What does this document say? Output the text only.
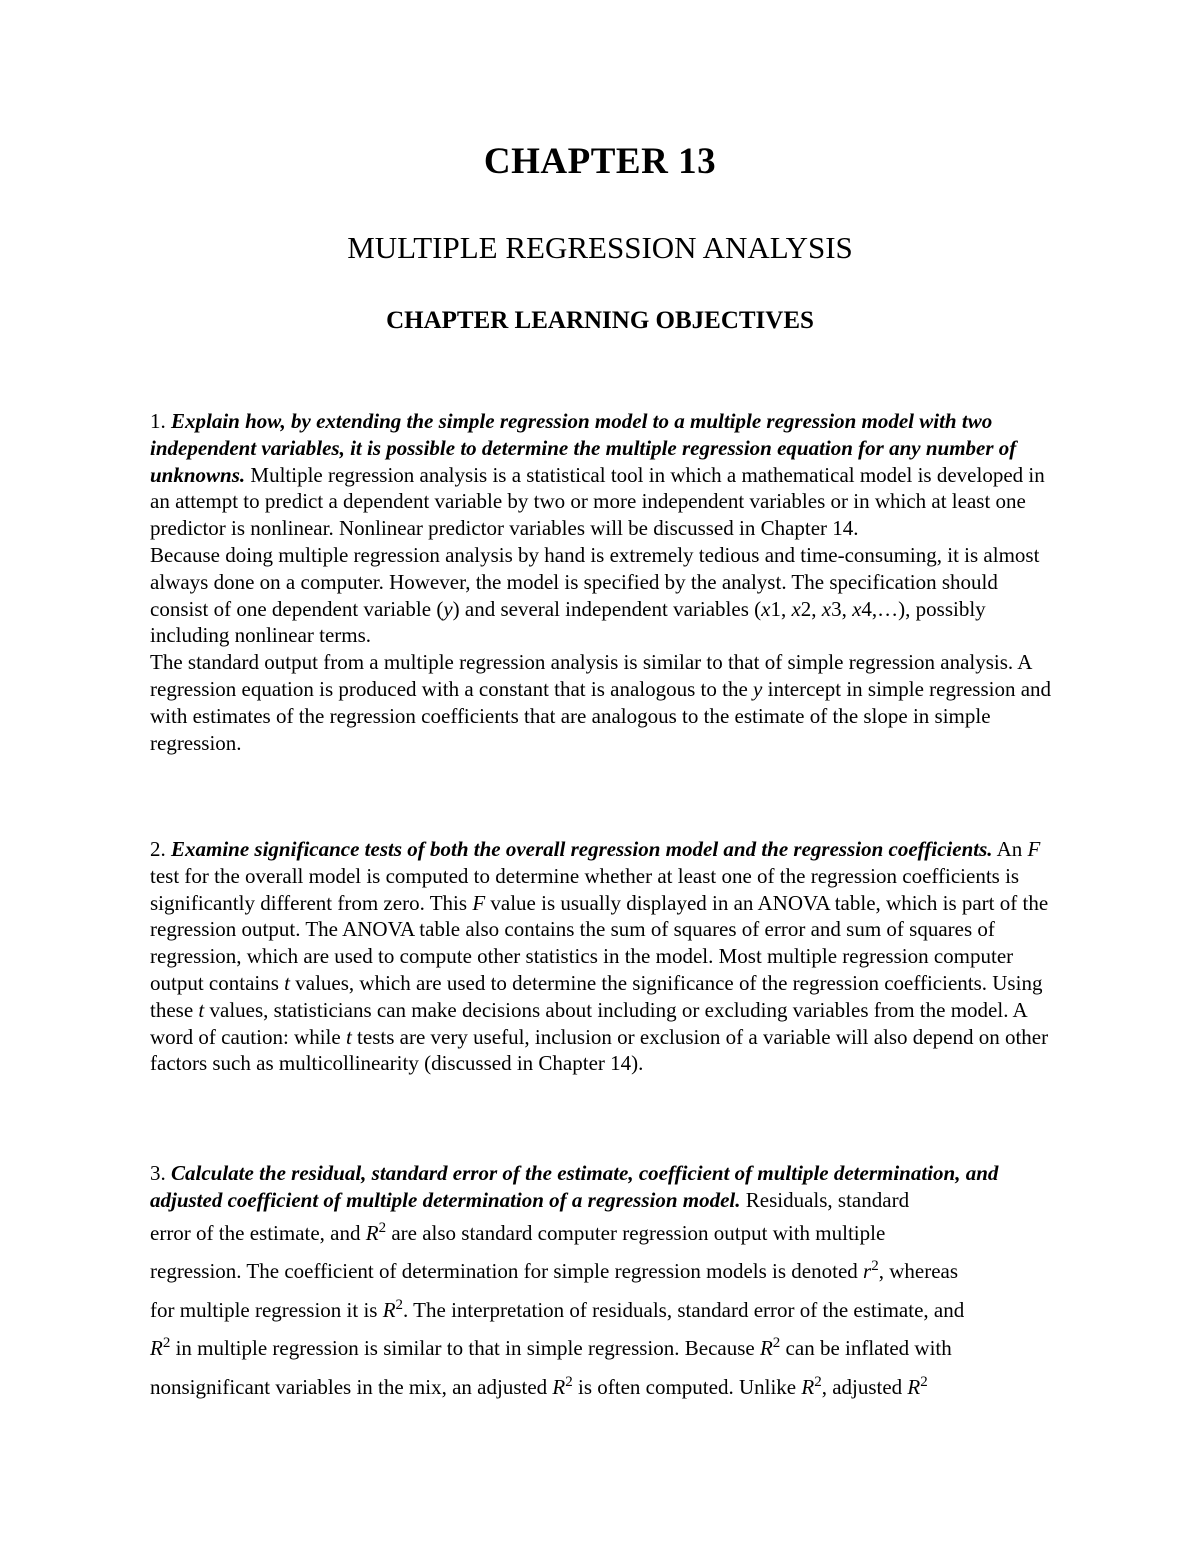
CHAPTER 13
MULTIPLE REGRESSION ANALYSIS
CHAPTER LEARNING OBJECTIVES
1. Explain how, by extending the simple regression model to a multiple regression model with two independent variables, it is possible to determine the multiple regression equation for any number of unknowns. Multiple regression analysis is a statistical tool in which a mathematical model is developed in an attempt to predict a dependent variable by two or more independent variables or in which at least one predictor is nonlinear. Nonlinear predictor variables will be discussed in Chapter 14.
Because doing multiple regression analysis by hand is extremely tedious and time-consuming, it is almost always done on a computer. However, the model is specified by the analyst. The specification should consist of one dependent variable (y) and several independent variables (x1, x2, x3, x4,…), possibly including nonlinear terms.
The standard output from a multiple regression analysis is similar to that of simple regression analysis. A regression equation is produced with a constant that is analogous to the y intercept in simple regression and with estimates of the regression coefficients that are analogous to the estimate of the slope in simple regression.
2. Examine significance tests of both the overall regression model and the regression coefficients. An F test for the overall model is computed to determine whether at least one of the regression coefficients is significantly different from zero. This F value is usually displayed in an ANOVA table, which is part of the regression output. The ANOVA table also contains the sum of squares of error and sum of squares of regression, which are used to compute other statistics in the model. Most multiple regression computer output contains t values, which are used to determine the significance of the regression coefficients. Using these t values, statisticians can make decisions about including or excluding variables from the model. A word of caution: while t tests are very useful, inclusion or exclusion of a variable will also depend on other factors such as multicollinearity (discussed in Chapter 14).
3. Calculate the residual, standard error of the estimate, coefficient of multiple determination, and adjusted coefficient of multiple determination of a regression model. Residuals, standard
error of the estimate, and $R^2$ are also standard computer regression output with multiple
regression. The coefficient of determination for simple regression models is denoted $r^2$, whereas
for multiple regression it is $R^2$. The interpretation of residuals, standard error of the estimate, and
$R^2$ in multiple regression is similar to that in simple regression. Because $R^2$ can be inflated with
nonsignificant variables in the mix, an adjusted $R^2$ is often computed. Unlike $R^2$, adjusted $R^2$
